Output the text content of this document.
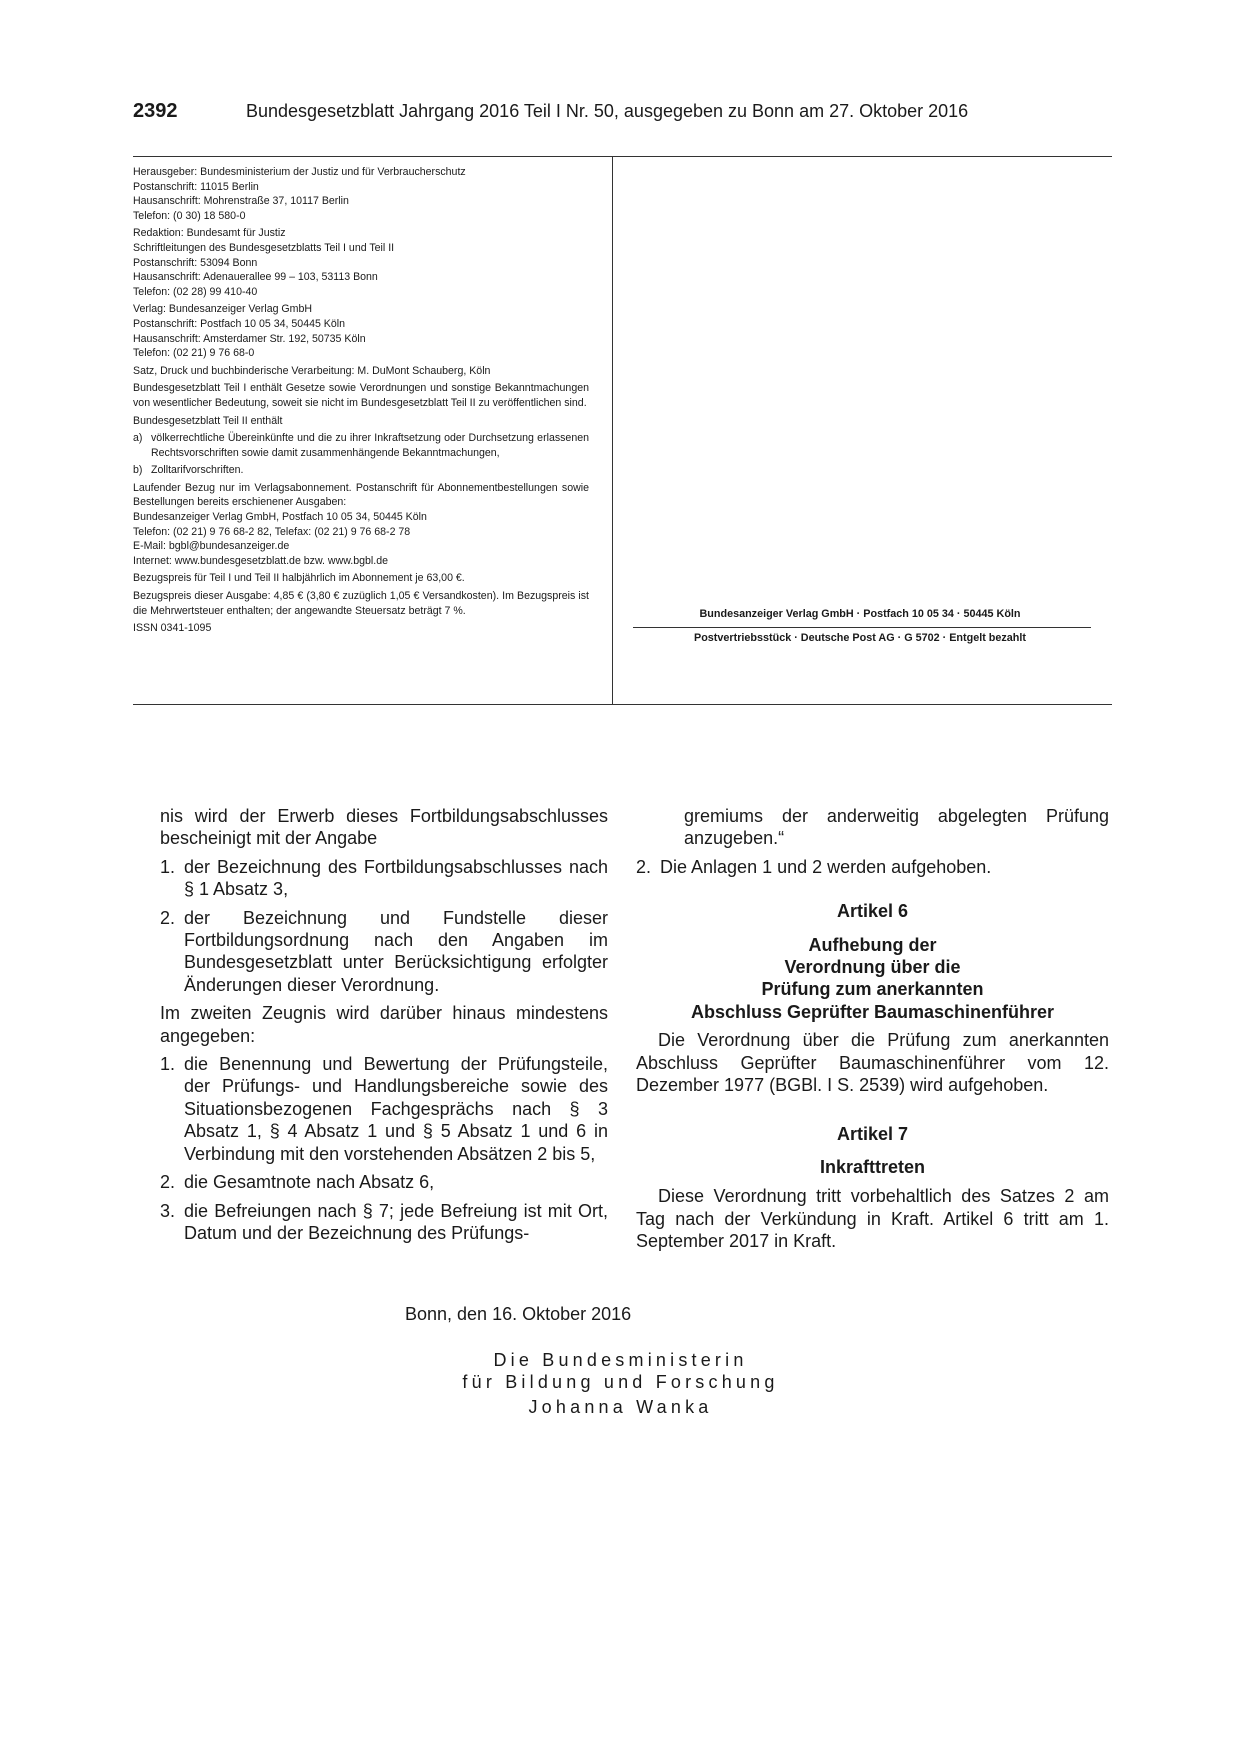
2392	Bundesgesetzblatt Jahrgang 2016 Teil I Nr. 50, ausgegeben zu Bonn am 27. Oktober 2016
Herausgeber: Bundesministerium der Justiz und für Verbraucherschutz
Postanschrift: 11015 Berlin
Hausanschrift: Mohrenstraße 37, 10117 Berlin
Telefon: (0 30) 18 580-0
Redaktion: Bundesamt für Justiz
Schriftleitungen des Bundesgesetzblatts Teil I und Teil II
Postanschrift: 53094 Bonn
Hausanschrift: Adenauerallee 99 – 103, 53113 Bonn
Telefon: (02 28) 99 410-40
Verlag: Bundesanzeiger Verlag GmbH
Postanschrift: Postfach 10 05 34, 50445 Köln
Hausanschrift: Amsterdamer Str. 192, 50735 Köln
Telefon: (02 21) 9 76 68-0
Satz, Druck und buchbinderische Verarbeitung: M. DuMont Schauberg, Köln
Bundesgesetzblatt Teil I enthält Gesetze sowie Verordnungen und sonstige Bekanntmachungen von wesentlicher Bedeutung, soweit sie nicht im Bundesgesetzblatt Teil II zu veröffentlichen sind.
Bundesgesetzblatt Teil II enthält
a) völkerrechtliche Übereinkünfte und die zu ihrer Inkraftsetzung oder Durchsetzung erlassenen Rechtsvorschriften sowie damit zusammenhängende Bekanntmachungen,
b) Zolltarifvorschriften.
Laufender Bezug nur im Verlagsabonnement. Postanschrift für Abonnementbestellungen sowie Bestellungen bereits erschienener Ausgaben:
Bundesanzeiger Verlag GmbH, Postfach 10 05 34, 50445 Köln
Telefon: (02 21) 9 76 68-2 82, Telefax: (02 21) 9 76 68-2 78
E-Mail: bgbl@bundesanzeiger.de
Internet: www.bundesgesetzblatt.de bzw. www.bgbl.de
Bezugspreis für Teil I und Teil II halbjährlich im Abonnement je 63,00 €.
Bezugspreis dieser Ausgabe: 4,85 € (3,80 € zuzüglich 1,05 € Versandkosten). Im Bezugspreis ist die Mehrwertsteuer enthalten; der angewandte Steuersatz beträgt 7 %.
ISSN 0341-1095
Bundesanzeiger Verlag GmbH · Postfach 10 05 34 · 50445 Köln
Postvertriebsstück · Deutsche Post AG · G 5702 · Entgelt bezahlt
nis wird der Erwerb dieses Fortbildungsabschlusses bescheinigt mit der Angabe
1. der Bezeichnung des Fortbildungsabschlusses nach § 1 Absatz 3,
2. der Bezeichnung und Fundstelle dieser Fortbildungsordnung nach den Angaben im Bundesgesetzblatt unter Berücksichtigung erfolgter Änderungen dieser Verordnung.
Im zweiten Zeugnis wird darüber hinaus mindestens angegeben:
1. die Benennung und Bewertung der Prüfungsteile, der Prüfungs- und Handlungsbereiche sowie des Situationsbezogenen Fachgesprächs nach § 3 Absatz 1, § 4 Absatz 1 und § 5 Absatz 1 und 6 in Verbindung mit den vorstehenden Absätzen 2 bis 5,
2. die Gesamtnote nach Absatz 6,
3. die Befreiungen nach § 7; jede Befreiung ist mit Ort, Datum und der Bezeichnung des Prüfungs-
gremiums der anderweitig abgelegten Prüfung anzugeben.“
2. Die Anlagen 1 und 2 werden aufgehoben.
Artikel 6
Aufhebung der
Verordnung über die
Prüfung zum anerkannten
Abschluss Geprüfter Baumaschinenführer
Die Verordnung über die Prüfung zum anerkannten Abschluss Geprüfter Baumaschinenführer vom 12. Dezember 1977 (BGBl. I S. 2539) wird aufgehoben.
Artikel 7
Inkrafttreten
Diese Verordnung tritt vorbehaltlich des Satzes 2 am Tag nach der Verkündung in Kraft. Artikel 6 tritt am 1. September 2017 in Kraft.
Bonn, den 16. Oktober 2016
Die Bundesministerin
für Bildung und Forschung
Johanna Wanka
